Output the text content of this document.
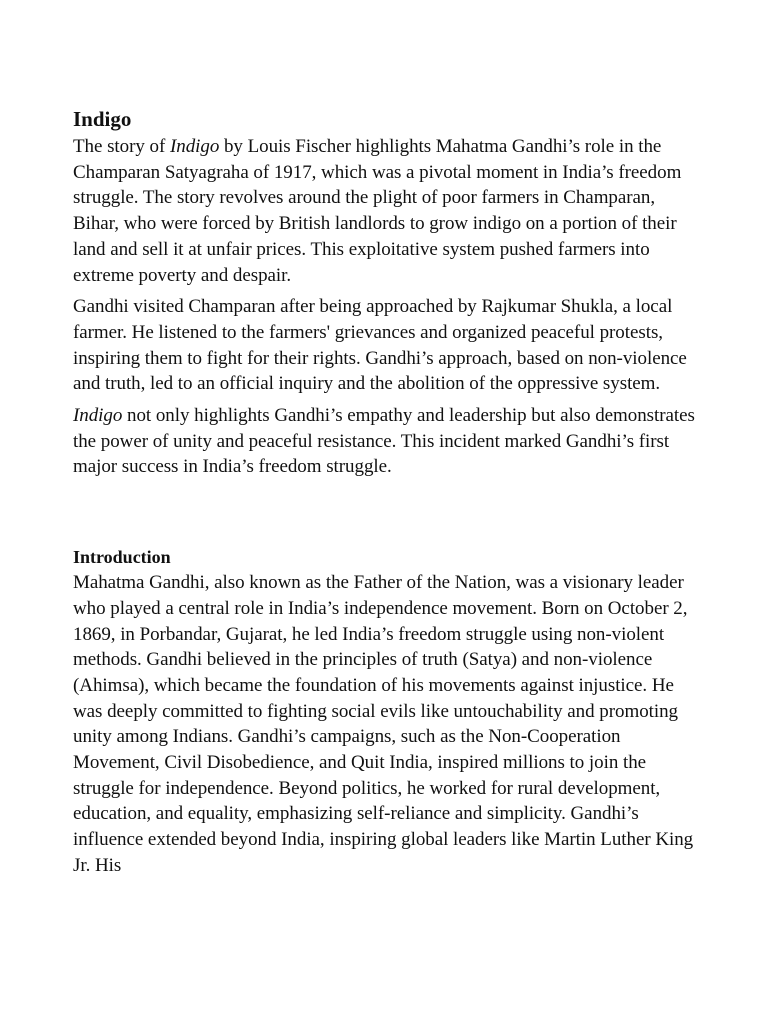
Indigo

The story of Indigo by Louis Fischer highlights Mahatma Gandhi’s role in the Champaran Satyagraha of 1917, which was a pivotal moment in India’s freedom struggle. The story revolves around the plight of poor farmers in Champaran, Bihar, who were forced by British landlords to grow indigo on a portion of their land and sell it at unfair prices. This exploitative system pushed farmers into extreme poverty and despair.

Gandhi visited Champaran after being approached by Rajkumar Shukla, a local farmer. He listened to the farmers' grievances and organized peaceful protests, inspiring them to fight for their rights. Gandhi’s approach, based on non-violence and truth, led to an official inquiry and the abolition of the oppressive system.

Indigo not only highlights Gandhi’s empathy and leadership but also demonstrates the power of unity and peaceful resistance. This incident marked Gandhi’s first major success in India’s freedom struggle.

Introduction

Mahatma Gandhi, also known as the Father of the Nation, was a visionary leader who played a central role in India’s independence movement. Born on October 2, 1869, in Porbandar, Gujarat, he led India’s freedom struggle using non-violent methods. Gandhi believed in the principles of truth (Satya) and non-violence (Ahimsa), which became the foundation of his movements against injustice. He was deeply committed to fighting social evils like untouchability and promoting unity among Indians. Gandhi’s campaigns, such as the Non-Cooperation Movement, Civil Disobedience, and Quit India, inspired millions to join the struggle for independence. Beyond politics, he worked for rural development, education, and equality, emphasizing self-reliance and simplicity. Gandhi’s influence extended beyond India, inspiring global leaders like Martin Luther King Jr. His
